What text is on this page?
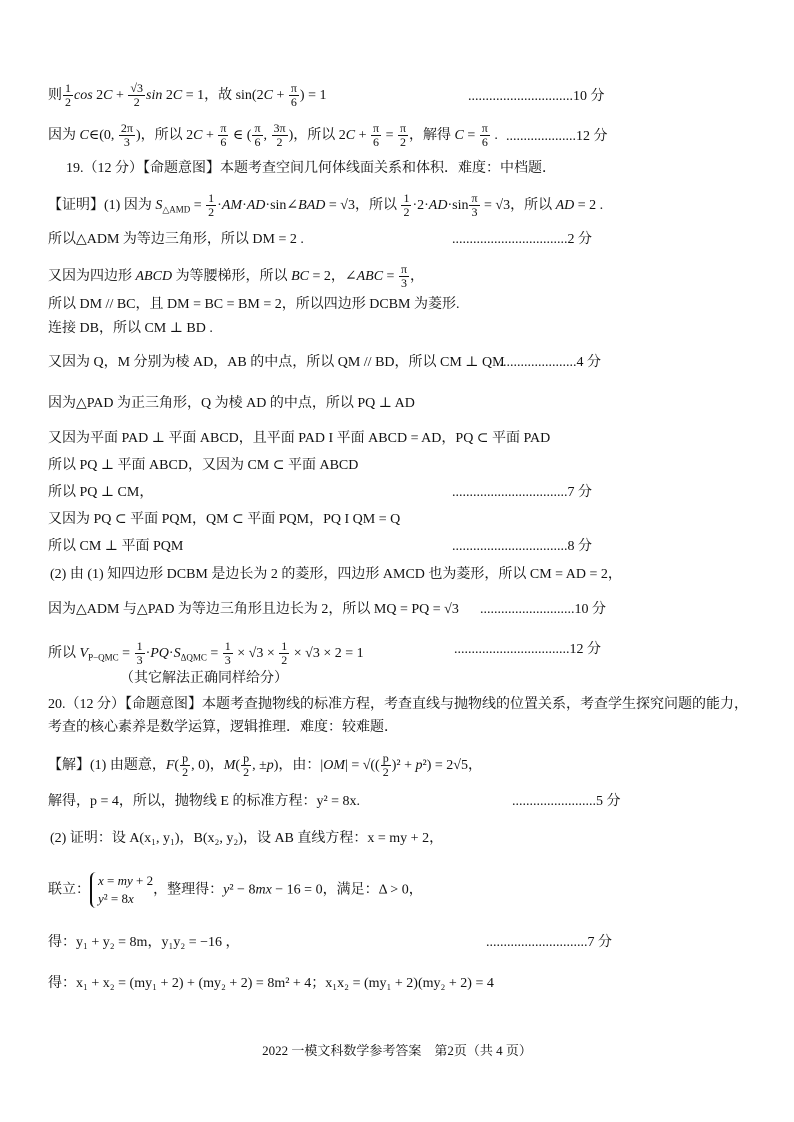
则 $\frac{1}{2}$ $\cos 2C + \frac{√3}{2}$ sin 2C = 1，故 $\sin(2C + \frac{\pi}{6}$ ) = 1	..............................10 分
因为 C∈(0, $\frac{2\pi}{3}$ )，所以 $2C + \frac{\pi}{6}$ ∈ ( $\frac{\pi}{6}$ , $\frac{3\pi}{2}$ )，所以 $2C + \frac{\pi}{6} = \frac{\pi}{2}$ ，解得 $C = \frac{\pi}{6}$ . ....................12 分
19.（12 分）【命题意图】本题考查空间几何体线面关系和体积．难度：中档题．
【证明】(1) 因为 $S_{\triangle AMD} = \frac{1}{2}$ ·AM·AD·sin∠BAD = √3，所以 $\frac{1}{2} \cdot 2\cdot AD\cdot\sin \frac{\pi}{3} = √3$，所以 AD = 2 .
所以△ADM 为等边三角形，所以 DM = 2 .	.................................2 分
又因为四边形 ABCD 为等腰梯形，所以 BC = 2，∠ABC = $\frac{\pi}{3}$ ，
所以 DM // BC，且 DM = BC = BM = 2，所以四边形 DCBM 为菱形.
连接 DB，所以 CM ⊥ BD .
又因为 Q，M 分别为棱 AD，AB 的中点，所以 QM // BD，所以 CM ⊥ QM
.......................4 分
因为△PAD 为正三角形，Q 为棱 AD 的中点，所以 PQ ⊥ AD
又因为平面 PAD ⊥ 平面 ABCD，且平面 PAD I 平面 ABCD = AD，PQ ⊂ 平面 PAD
所以 PQ ⊥ 平面 ABCD，又因为 CM ⊂ 平面 ABCD
所以 PQ ⊥ CM，	.................................7 分
又因为 PQ ⊂ 平面 PQM，QM ⊂ 平面 PQM，PQ I QM = Q
所以 CM ⊥ 平面 PQM	.................................8 分
(2) 由 (1) 知四边形 DCBM 是边长为 2 的菱形，四边形 AMCD 也为菱形，所以 CM = AD = 2，
因为△ADM 与△PAD 为等边三角形且边长为 2，所以 MQ = PQ = √3 ...........................10 分
所以 $V_{P-QMC} = \frac{1}{3} \cdot PQ\cdot S_{\Delta QMC} = \frac{1}{3} \times √3 \times \frac{1}{2} \times √3 \times 2 = 1$	.................................12 分
（其它解法正确同样给分）
20.（12 分）【命题意图】本题考查抛物线的标准方程，考查直线与抛物线的位置关系，考查学生探究问题的能力，
考查的核心素养是数学运算，逻辑推理．难度：较难题．
【解】(1) 由题意，$F( \frac{p}{2}$ , 0)，$M( \frac{p}{2}$ , ±p)，由：|OM| = √(( $\frac{p}{2} )^2 + p^2) = 2√5$，
解得，p = 4，所以，抛物线 E 的标准方程：y² = 8x.	........................5 分
(2) 证明：设 A(x₁, y₁)，B(x₂, y₂)，设 AB 直线方程：x = my + 2，
联立：x = my + 2
y² = 8x，整理得：y² − 8mx − 16 = 0，满足：Δ > 0，
得：y₁ + y₂ = 8m，y₁y₂ = −16 ，	.............................7 分
得：x₁ + x₂ = (my₁ + 2) + (my₂ + 2) = 8m² + 4；x₁x₂ = (my₁ + 2)(my₂ + 2) = 4
2022 一模文科数学参考答案　第2页（共 4 页）
